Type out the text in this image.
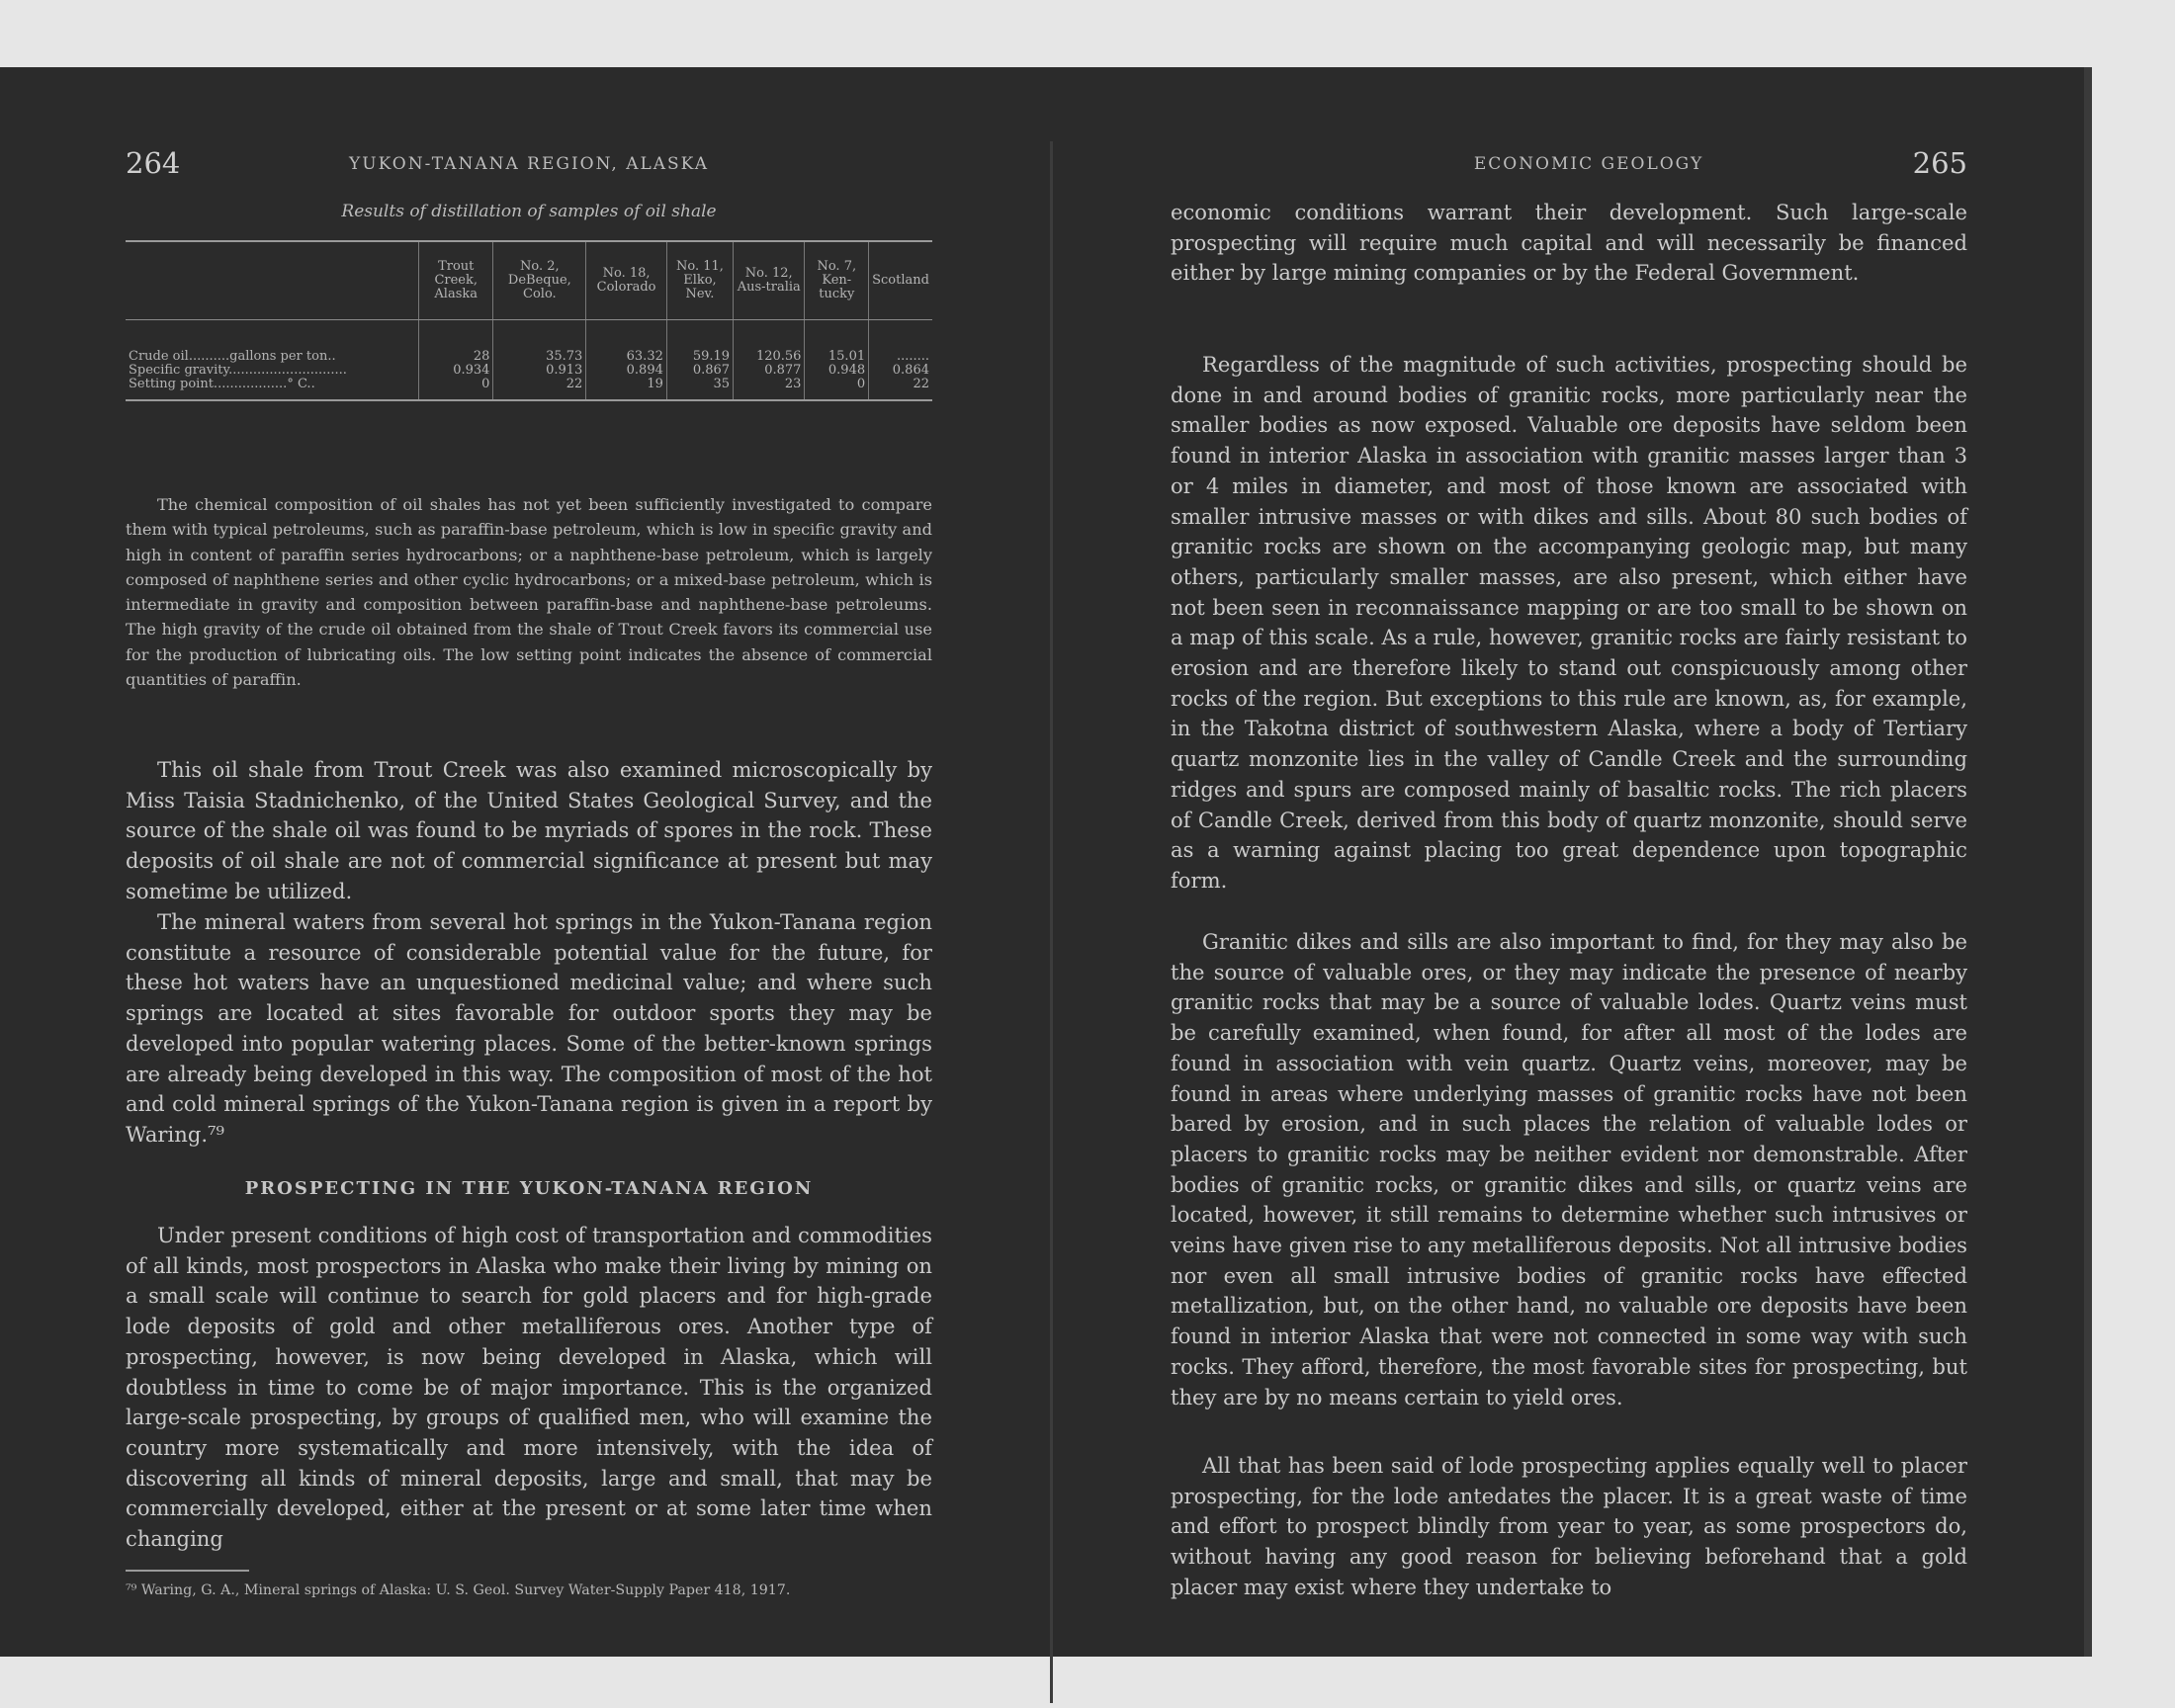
264	YUKON-TANANA REGION, ALASKA
Results of distillation of samples of oil shale
	Trout Creek, Alaska	No. 2, DeBeque, Colo.	No. 18, Colorado	No. 11, Elko, Nev.	No. 12, Aus-tralia	No. 7, Ken-tucky	Scotland
Crude oil..........gallons per ton..	28	35.73	63.32	59.19	120.56	15.01	........
Specific gravity.............................	0.934	0.913	0.894	0.867	0.877	0.948	0.864
Setting point..................° C..	0	22	19	35	23	0	22

The chemical composition of oil shales has not yet been sufficiently investigated to compare them with typical petroleums, such as paraffin-base petroleum, which is low in specific gravity and high in content of paraffin series hydrocarbons; or a naphthene-base petroleum, which is largely composed of naphthene series and other cyclic hydrocarbons; or a mixed-base petroleum, which is intermediate in gravity and composition between paraffin-base and naphthene-base petroleums. The high gravity of the crude oil obtained from the shale of Trout Creek favors its commercial use for the production of lubricating oils. The low setting point indicates the absence of commercial quantities of paraffin.

This oil shale from Trout Creek was also examined microscopically by Miss Taisia Stadnichenko, of the United States Geological Survey, and the source of the shale oil was found to be myriads of spores in the rock. These deposits of oil shale are not of commercial significance at present but may sometime be utilized.

The mineral waters from several hot springs in the Yukon-Tanana region constitute a resource of considerable potential value for the future, for these hot waters have an unquestioned medicinal value; and where such springs are located at sites favorable for outdoor sports they may be developed into popular watering places. Some of the better-known springs are already being developed in this way. The composition of most of the hot and cold mineral springs of the Yukon-Tanana region is given in a report by Waring.⁷⁹

PROSPECTING IN THE YUKON-TANANA REGION

Under present conditions of high cost of transportation and commodities of all kinds, most prospectors in Alaska who make their living by mining on a small scale will continue to search for gold placers and for high-grade lode deposits of gold and other metalliferous ores. Another type of prospecting, however, is now being developed in Alaska, which will doubtless in time to come be of major importance. This is the organized large-scale prospecting, by groups of qualified men, who will examine the country more systematically and more intensively, with the idea of discovering all kinds of mineral deposits, large and small, that may be commercially developed, either at the present or at some later time when changing

⁷⁹ Waring, G. A., Mineral springs of Alaska: U. S. Geol. Survey Water-Supply Paper 418, 1917.

ECONOMIC GEOLOGY	265

economic conditions warrant their development. Such large-scale prospecting will require much capital and will necessarily be financed either by large mining companies or by the Federal Government.

Regardless of the magnitude of such activities, prospecting should be done in and around bodies of granitic rocks, more particularly near the smaller bodies as now exposed. Valuable ore deposits have seldom been found in interior Alaska in association with granitic masses larger than 3 or 4 miles in diameter, and most of those known are associated with smaller intrusive masses or with dikes and sills. About 80 such bodies of granitic rocks are shown on the accompanying geologic map, but many others, particularly smaller masses, are also present, which either have not been seen in reconnaissance mapping or are too small to be shown on a map of this scale. As a rule, however, granitic rocks are fairly resistant to erosion and are therefore likely to stand out conspicuously among other rocks of the region. But exceptions to this rule are known, as, for example, in the Takotna district of southwestern Alaska, where a body of Tertiary quartz monzonite lies in the valley of Candle Creek and the surrounding ridges and spurs are composed mainly of basaltic rocks. The rich placers of Candle Creek, derived from this body of quartz monzonite, should serve as a warning against placing too great dependence upon topographic form.

Granitic dikes and sills are also important to find, for they may also be the source of valuable ores, or they may indicate the presence of nearby granitic rocks that may be a source of valuable lodes. Quartz veins must be carefully examined, when found, for after all most of the lodes are found in association with vein quartz. Quartz veins, moreover, may be found in areas where underlying masses of granitic rocks have not been bared by erosion, and in such places the relation of valuable lodes or placers to granitic rocks may be neither evident nor demonstrable. After bodies of granitic rocks, or granitic dikes and sills, or quartz veins are located, however, it still remains to determine whether such intrusives or veins have given rise to any metalliferous deposits. Not all intrusive bodies nor even all small intrusive bodies of granitic rocks have effected metallization, but, on the other hand, no valuable ore deposits have been found in interior Alaska that were not connected in some way with such rocks. They afford, therefore, the most favorable sites for prospecting, but they are by no means certain to yield ores.

All that has been said of lode prospecting applies equally well to placer prospecting, for the lode antedates the placer. It is a great waste of time and effort to prospect blindly from year to year, as some prospectors do, without having any good reason for believing beforehand that a gold placer may exist where they undertake to
